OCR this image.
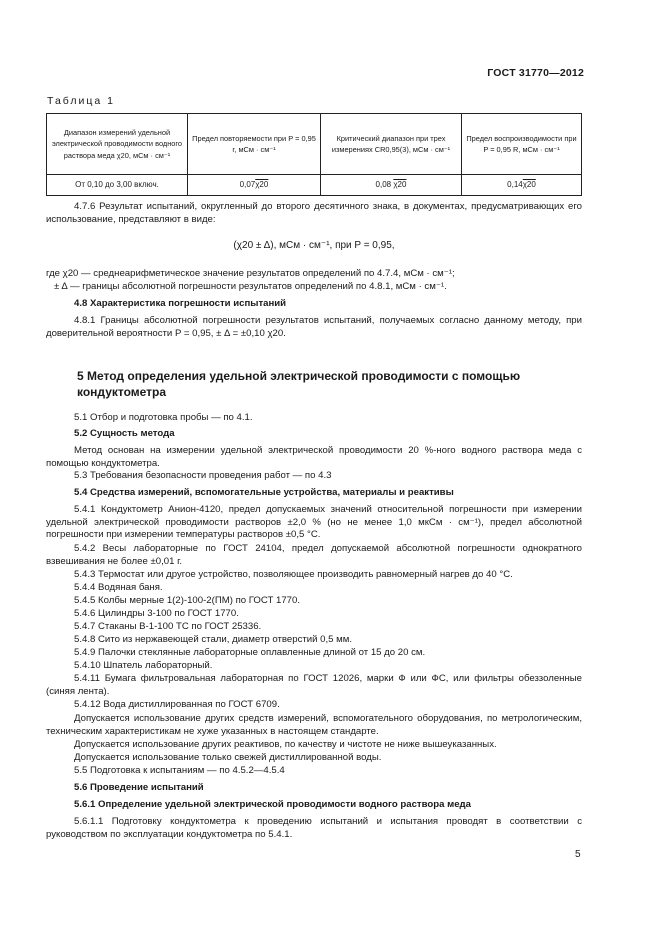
ГОСТ 31770—2012
Таблица 1
Диапазон измерений удельной электрической проводимости водного раствора меда χ20, мСм · см⁻¹	Предел повторяемости при P = 0,95 r, мСм · см⁻¹	Критический диапазон при трех измерениях CR0,95(3), мСм · см⁻¹	Предел воспроизводимости при P = 0,95 R, мСм · см⁻¹
От 0,10 до 3,00 включ.	0,07χ20	0,08 χ20	0,14χ20
4.7.6 Результат испытаний, округленный до второго десятичного знака, в документах, предусматривающих его использование, представляют в виде:
(χ20 ± Δ), мСм · см⁻¹, при P = 0,95,
где χ20 — среднеарифметическое значение результатов определений по 4.7.4, мСм · см⁻¹;
± Δ — границы абсолютной погрешности результатов определений по 4.8.1, мСм · см⁻¹.
4.8 Характеристика погрешности испытаний
4.8.1 Границы абсолютной погрешности результатов испытаний, получаемых согласно данному методу, при доверительной вероятности P = 0,95, ± Δ = ±0,10 χ20.
5 Метод определения удельной электрической проводимости с помощью кондуктометра
5.1 Отбор и подготовка пробы — по 4.1.
5.2 Сущность метода
Метод основан на измерении удельной электрической проводимости 20 %-ного водного раствора меда с помощью кондуктометра.
5.3 Требования безопасности проведения работ — по 4.3
5.4 Средства измерений, вспомогательные устройства, материалы и реактивы
5.4.1 Кондуктометр Анион-4120, предел допускаемых значений относительной погрешности при измерении удельной электрической проводимости растворов ±2,0 % (но не менее 1,0 мкСм · см⁻¹), предел абсолютной погрешности при измерении температуры растворов ±0,5 °С.
5.4.2 Весы лабораторные по ГОСТ 24104, предел допускаемой абсолютной погрешности однократного взвешивания не более ±0,01 г.
5.4.3 Термостат или другое устройство, позволяющее производить равномерный нагрев до 40 °С.
5.4.4 Водяная баня.
5.4.5 Колбы мерные 1(2)-100-2(ПМ) по ГОСТ 1770.
5.4.6 Цилиндры 3-100 по ГОСТ 1770.
5.4.7 Стаканы В-1-100 ТС по ГОСТ 25336.
5.4.8 Сито из нержавеющей стали, диаметр отверстий 0,5 мм.
5.4.9 Палочки стеклянные лабораторные оплавленные длиной от 15 до 20 см.
5.4.10 Шпатель лабораторный.
5.4.11 Бумага фильтровальная лабораторная по ГОСТ 12026, марки Ф или ФС, или фильтры обеззоленные (синяя лента).
5.4.12 Вода дистиллированная по ГОСТ 6709.
Допускается использование других средств измерений, вспомогательного оборудования, по метрологическим, техническим характеристикам не хуже указанных в настоящем стандарте.
Допускается использование других реактивов, по качеству и чистоте не ниже вышеуказанных.
Допускается использование только свежей дистиллированной воды.
5.5 Подготовка к испытаниям — по 4.5.2—4.5.4
5.6 Проведение испытаний
5.6.1 Определение удельной электрической проводимости водного раствора меда
5.6.1.1 Подготовку кондуктометра к проведению испытаний и испытания проводят в соответствии с руководством по эксплуатации кондуктометра по 5.4.1.
5
